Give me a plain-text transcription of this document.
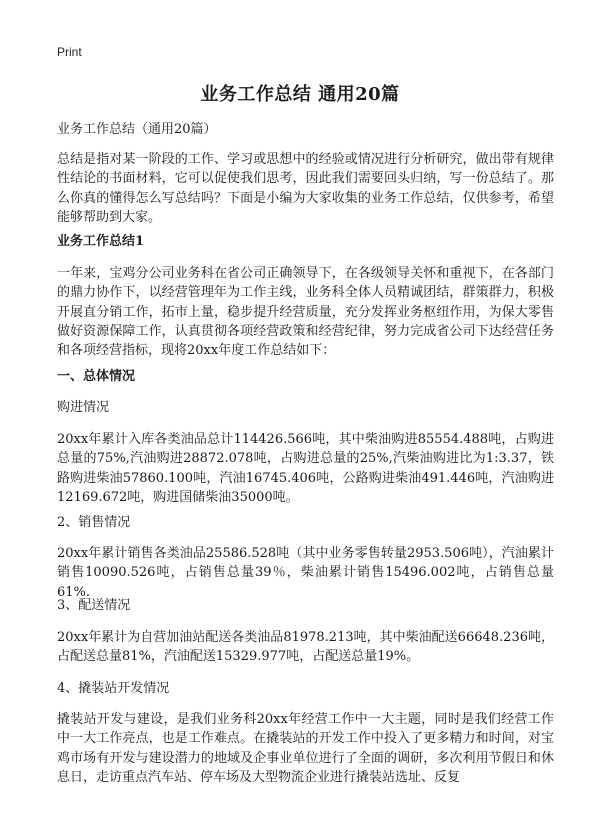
Print
业务工作总结 通用20篇

业务工作总结（通用20篇）

总结是指对某一阶段的工作、学习或思想中的经验或情况进行分析研究，做出带有规律性结论的书面材料，它可以促使我们思考，因此我们需要回头归纳，写一份总结了。那么你真的懂得怎么写总结吗？下面是小编为大家收集的业务工作总结，仅供参考，希望能够帮助到大家。

业务工作总结1

一年来，宝鸡分公司业务科在省公司正确领导下，在各级领导关怀和重视下，在各部门的鼎力协作下，以经营管理年为工作主线，业务科全体人员精诚团结，群策群力，积极开展直分销工作，拓市上量，稳步提升经营质量，充分发挥业务枢纽作用，为保大零售做好资源保障工作，认真贯彻各项经营政策和经营纪律，努力完成省公司下达经营任务和各项经营指标，现将20xx年度工作总结如下：

一、总体情况

购进情况

20xx年累计入库各类油品总计114426.566吨，其中柴油购进85554.488吨，占购进总量的75%,汽油购进28872.078吨，占购进总量的25%,汽柴油购进比为1:3.37，铁路购进柴油57860.100吨，汽油16745.406吨，公路购进柴油491.446吨，汽油购进12169.672吨，购进国储柴油35000吨。

2、销售情况

20xx年累计销售各类油品25586.528吨（其中业务零售转量2953.506吨），汽油累计销售10090.526吨，占销售总量39％，柴油累计销售15496.002吨，占销售总量61%.

3、配送情况

20xx年累计为自营加油站配送各类油品81978.213吨，其中柴油配送66648.236吨，占配送总量81%，汽油配送15329.977吨，占配送总量19%。

4、撬装站开发情况

撬装站开发与建设，是我们业务科20xx年经营工作中一大主题，同时是我们经营工作中一大工作亮点，也是工作难点。在撬装站的开发工作中投入了更多精力和时间，对宝鸡市场有开发与建设潜力的地域及企事业单位进行了全面的调研，多次利用节假日和休息日，走访重点汽车站、停车场及大型物流企业进行撬装站选址、反复
